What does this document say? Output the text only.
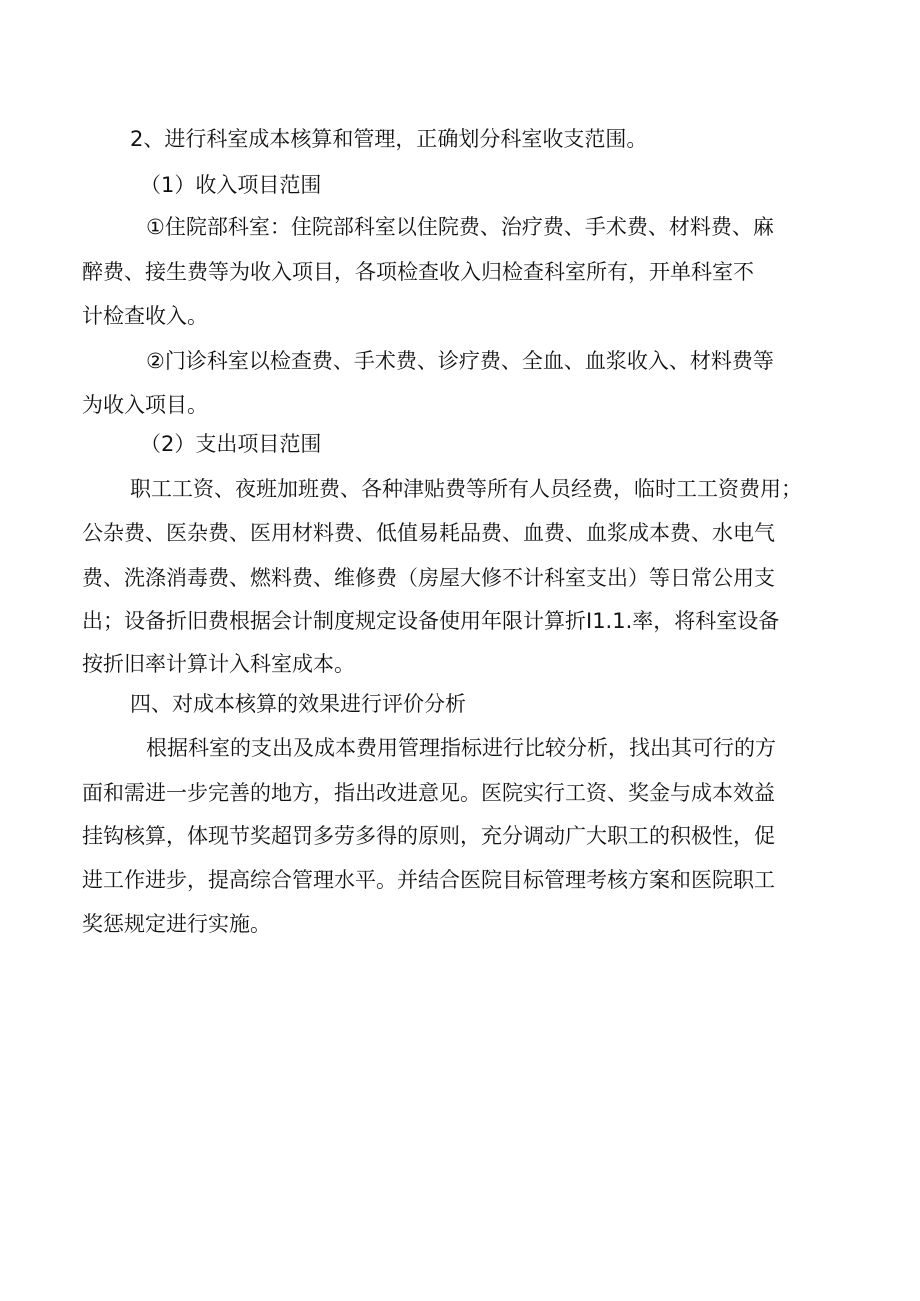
2、进行科室成本核算和管理，正确划分科室收支范围。
（1）收入项目范围
①住院部科室：住院部科室以住院费、治疗费、手术费、材料费、麻
醉费、接生费等为收入项目，各项检查收入归检查科室所有，开单科室不
计检查收入。
②门诊科室以检查费、手术费、诊疗费、全血、血浆收入、材料费等
为收入项目。
（2）支出项目范围
职工工资、夜班加班费、各种津贴费等所有人员经费，临时工工资费用；
公杂费、医杂费、医用材料费、低值易耗品费、血费、血浆成本费、水电气
费、洗涤消毒费、燃料费、维修费（房屋大修不计科室支出）等日常公用支
出；设备折旧费根据会计制度规定设备使用年限计算折I1.1.率，将科室设备
按折旧率计算计入科室成本。
四、对成本核算的效果进行评价分析
根据科室的支出及成本费用管理指标进行比较分析，找出其可行的方
面和需进一步完善的地方，指出改进意见。医院实行工资、奖金与成本效益
挂钩核算，体现节奖超罚多劳多得的原则，充分调动广大职工的积极性，促
进工作进步，提高综合管理水平。并结合医院目标管理考核方案和医院职工
奖惩规定进行实施。
